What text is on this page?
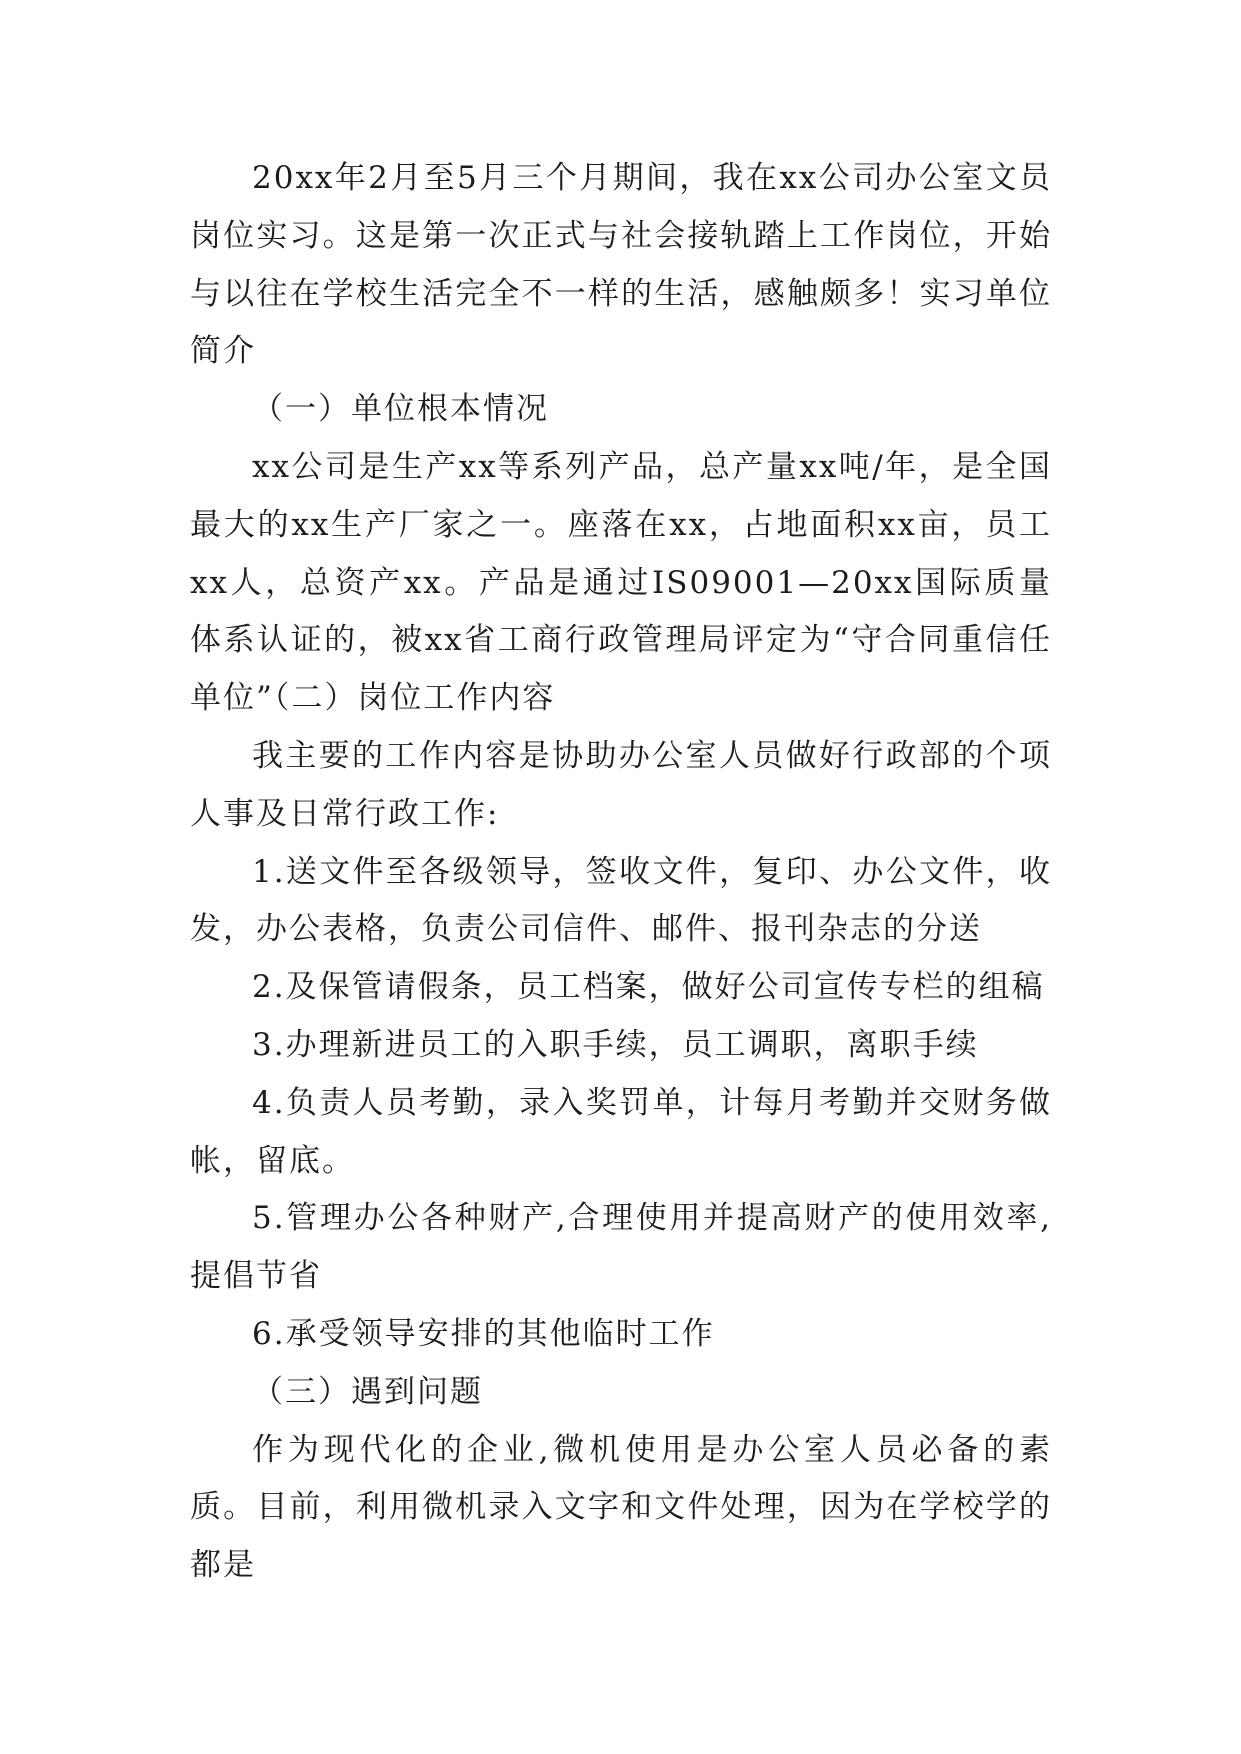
20xx年2月至5月三个月期间，我在xx公司办公室文员岗位实习。这是第一次正式与社会接轨踏上工作岗位，开始与以往在学校生活完全不一样的生活，感触颇多！实习单位简介

（一）单位根本情况

xx公司是生产xx等系列产品，总产量xx吨/年，是全国最大的xx生产厂家之一。座落在xx，占地面积xx亩，员工xx人，总资产xx。产品是通过IS09001—20xx国际质量体系认证的，被xx省工商行政管理局评定为“守合同重信任单位”（二）岗位工作内容

我主要的工作内容是协助办公室人员做好行政部的个项人事及日常行政工作:

1.送文件至各级领导，签收文件，复印、办公文件，收发，办公表格，负责公司信件、邮件、报刊杂志的分送

2.及保管请假条，员工档案，做好公司宣传专栏的组稿

3.办理新进员工的入职手续，员工调职，离职手续

4.负责人员考勤，录入奖罚单，计每月考勤并交财务做帐，留底。

5.管理办公各种财产,合理使用并提高财产的使用效率,提倡节省

6.承受领导安排的其他临时工作

（三）遇到问题

作为现代化的企业,微机使用是办公室人员必备的素质。目前，利用微机录入文字和文件处理，因为在学校学的都是
